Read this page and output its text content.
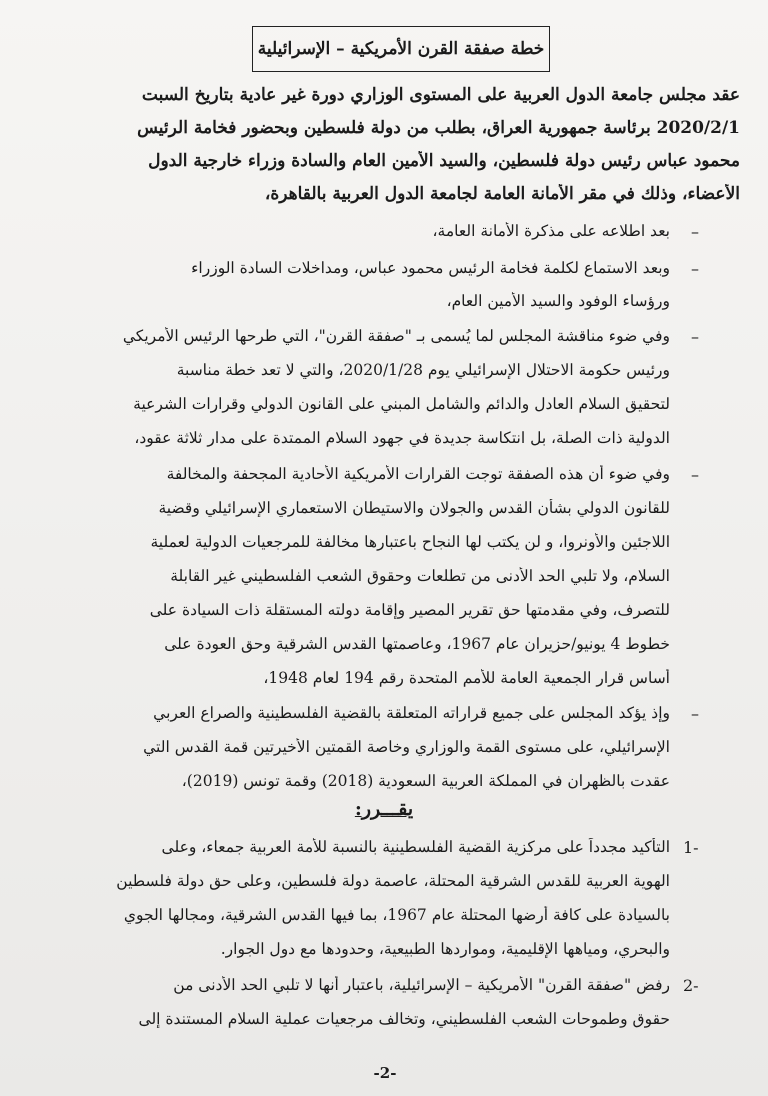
خطة صفقة القرن الأمريكية – الإسرائيلية
عقد مجلس جامعة الدول العربية على المستوى الوزاري دورة غير عادية بتاريخ السبت
2020/2/1 برئاسة جمهورية العراق، بطلب من دولة فلسطين وبحضور فخامة الرئيس
محمود عباس رئيس دولة فلسطين، والسيد الأمين العام والسادة وزراء خارجية الدول
الأعضاء، وذلك في مقر الأمانة العامة لجامعة الدول العربية بالقاهرة،
–
بعد اطلاعه على مذكرة الأمانة العامة،
–
وبعد الاستماع لكلمة فخامة الرئيس محمود عباس، ومداخلات السادة الوزراء
ورؤساء الوفود والسيد الأمين العام،
–
وفي ضوء مناقشة المجلس لما يُسمى بـ "صفقة القرن"، التي طرحها الرئيس الأمريكي
ورئيس حكومة الاحتلال الإسرائيلي يوم 2020/1/28، والتي لا تعد خطة مناسبة
لتحقيق السلام العادل والدائم والشامل المبني على القانون الدولي وقرارات الشرعية
الدولية ذات الصلة، بل انتكاسة جديدة في جهود السلام الممتدة على مدار ثلاثة عقود،
–
وفي ضوء أن هذه الصفقة توجت القرارات الأمريكية الأحادية المجحفة والمخالفة
للقانون الدولي بشأن القدس والجولان والاستيطان الاستعماري الإسرائيلي وقضية
اللاجئين والأونروا، و لن يكتب لها النجاح باعتبارها مخالفة للمرجعيات الدولية لعملية
السلام، ولا تلبي الحد الأدنى من تطلعات وحقوق الشعب الفلسطيني غير القابلة
للتصرف، وفي مقدمتها حق تقرير المصير وإقامة دولته المستقلة ذات السيادة على
خطوط 4 يونيو/حزيران عام 1967، وعاصمتها القدس الشرقية وحق العودة على
أساس قرار الجمعية العامة للأمم المتحدة رقم 194 لعام 1948،
–
وإذ يؤكد المجلس على جميع قراراته المتعلقة بالقضية الفلسطينية والصراع العربي
الإسرائيلي، على مستوى القمة والوزاري وخاصة القمتين الأخيرتين قمة القدس التي
عقدت بالظهران في المملكة العربية السعودية (2018) وقمة تونس (2019)،
يقـــرر:
1-
التأكيد مجدداً على مركزية القضية الفلسطينية بالنسبة للأمة العربية جمعاء، وعلى
الهوية العربية للقدس الشرقية المحتلة، عاصمة دولة فلسطين، وعلى حق دولة فلسطين
بالسيادة على كافة أرضها المحتلة عام 1967، بما فيها القدس الشرقية، ومجالها الجوي
والبحري، ومياهها الإقليمية، ومواردها الطبيعية، وحدودها مع دول الجوار.
2-
رفض "صفقة القرن" الأمريكية – الإسرائيلية، باعتبار أنها لا تلبي الحد الأدنى من
حقوق وطموحات الشعب الفلسطيني، وتخالف مرجعيات عملية السلام المستندة إلى
-2-
